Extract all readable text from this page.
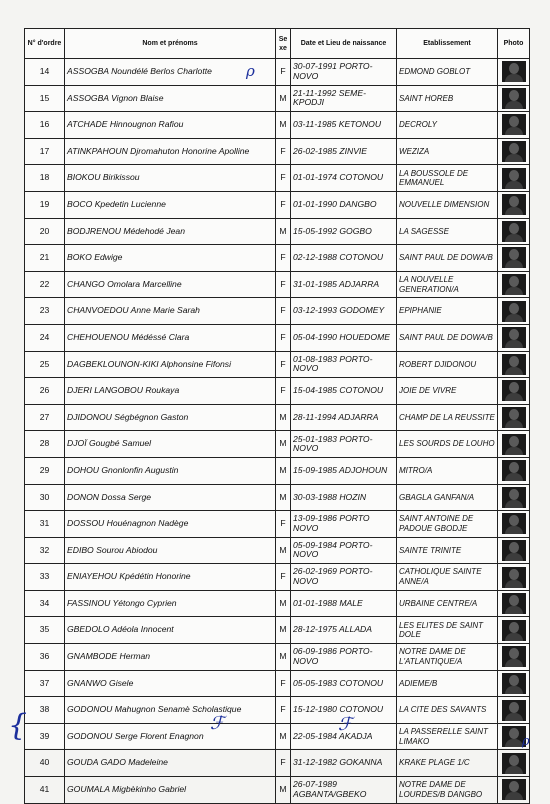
N° d'ordre	Nom et prénoms	Se xe	Date et Lieu de naissance	Etablissement	Photo
14	ASSOGBA Noundélé Berlos Charlotte	F	30-07-1991 PORTO-NOVO	EDMOND GOBLOT	

15	ASSOGBA Vignon Blaise	M	21-11-1992 SEME-KPODJI	SAINT HOREB	

16	ATCHADE Hinnougnon Rafiou	M	03-11-1985 KETONOU	DECROLY	

17	ATINKPAHOUN Djromahuton Honorine Apolline	F	26-02-1985 ZINVIE	WEZIZA	

18	BIOKOU Birikissou	F	01-01-1974 COTONOU	LA BOUSSOLE DE EMMANUEL	

19	BOCO Kpedetin Lucienne	F	01-01-1990 DANGBO	NOUVELLE DIMENSION	

20	BODJRENOU Médehodé Jean	M	15-05-1992 GOGBO	LA SAGESSE	

21	BOKO Edwige	F	02-12-1988 COTONOU	SAINT PAUL DE DOWA/B	

22	CHANGO Omolara Marcelline	F	31-01-1985 ADJARRA	LA NOUVELLE GENERATION/A	

23	CHANVOEDOU Anne Marie Sarah	F	03-12-1993 GODOMEY	EPIPHANIE	

24	CHEHOUENOU Médéssé Clara	F	05-04-1990 HOUEDOME	SAINT PAUL DE DOWA/B	

25	DAGBEKLOUNON-KIKI Alphonsine Fifonsi	F	01-08-1983 PORTO-NOVO	ROBERT DJIDONOU	

26	DJERI LANGOBOU Roukaya	F	15-04-1985 COTONOU	JOIE DE VIVRE	

27	DJIDONOU Ségbégnon Gaston	M	28-11-1994 ADJARRA	CHAMP DE LA REUSSITE	

28	DJOÏ Gougbé Samuel	M	25-01-1983 PORTO-NOVO	LES SOURDS DE LOUHO	

29	DOHOU Gnonlonfin Augustin	M	15-09-1985 ADJOHOUN	MITRO/A	

30	DONON Dossa Serge	M	30-03-1988 HOZIN	GBAGLA GANFAN/A	

31	DOSSOU Houénagnon Nadège	F	13-09-1986 PORTO NOVO	SAINT ANTOINE DE PADOUE GBODJE	

32	EDIBO Sourou Abiodou	M	05-09-1984 PORTO-NOVO	SAINTE TRINITE	

33	ENIAYEHOU Kpédétin Honorine	F	26-02-1969 PORTO-NOVO	CATHOLIQUE SAINTE ANNE/A	

34	FASSINOU Yétongo Cyprien	M	01-01-1988 MALE	URBAINE CENTRE/A	

35	GBEDOLO Adéola Innocent	M	28-12-1975 ALLADA	LES ELITES DE SAINT DOLE	

36	GNAMBODE Herman	M	06-09-1986 PORTO-NOVO	NOTRE DAME DE L'ATLANTIQUE/A	

37	GNANWO Gisele	F	05-05-1983 COTONOU	ADIEME/B	

38	GODONOU Mahugnon Senamè Scholastique	F	15-12-1980 COTONOU	LA CITE DES SAVANTS	

39	GODONOU Serge Florent Enagnon	M	22-05-1984 AKADJA	LA PASSERELLE SAINT LIMAKO	

40	GOUDA GADO Madeleine	F	31-12-1982 GOKANNA	KRAKE PLAGE 1/C	

41	GOUMALA Migbèkinho Gabriel	M	26-07-1989 AGBANTA/GBEKO	NOTRE DAME DE LOURDES/B DANGBO	
{
ρ
ℱ	ℱ
ρ
